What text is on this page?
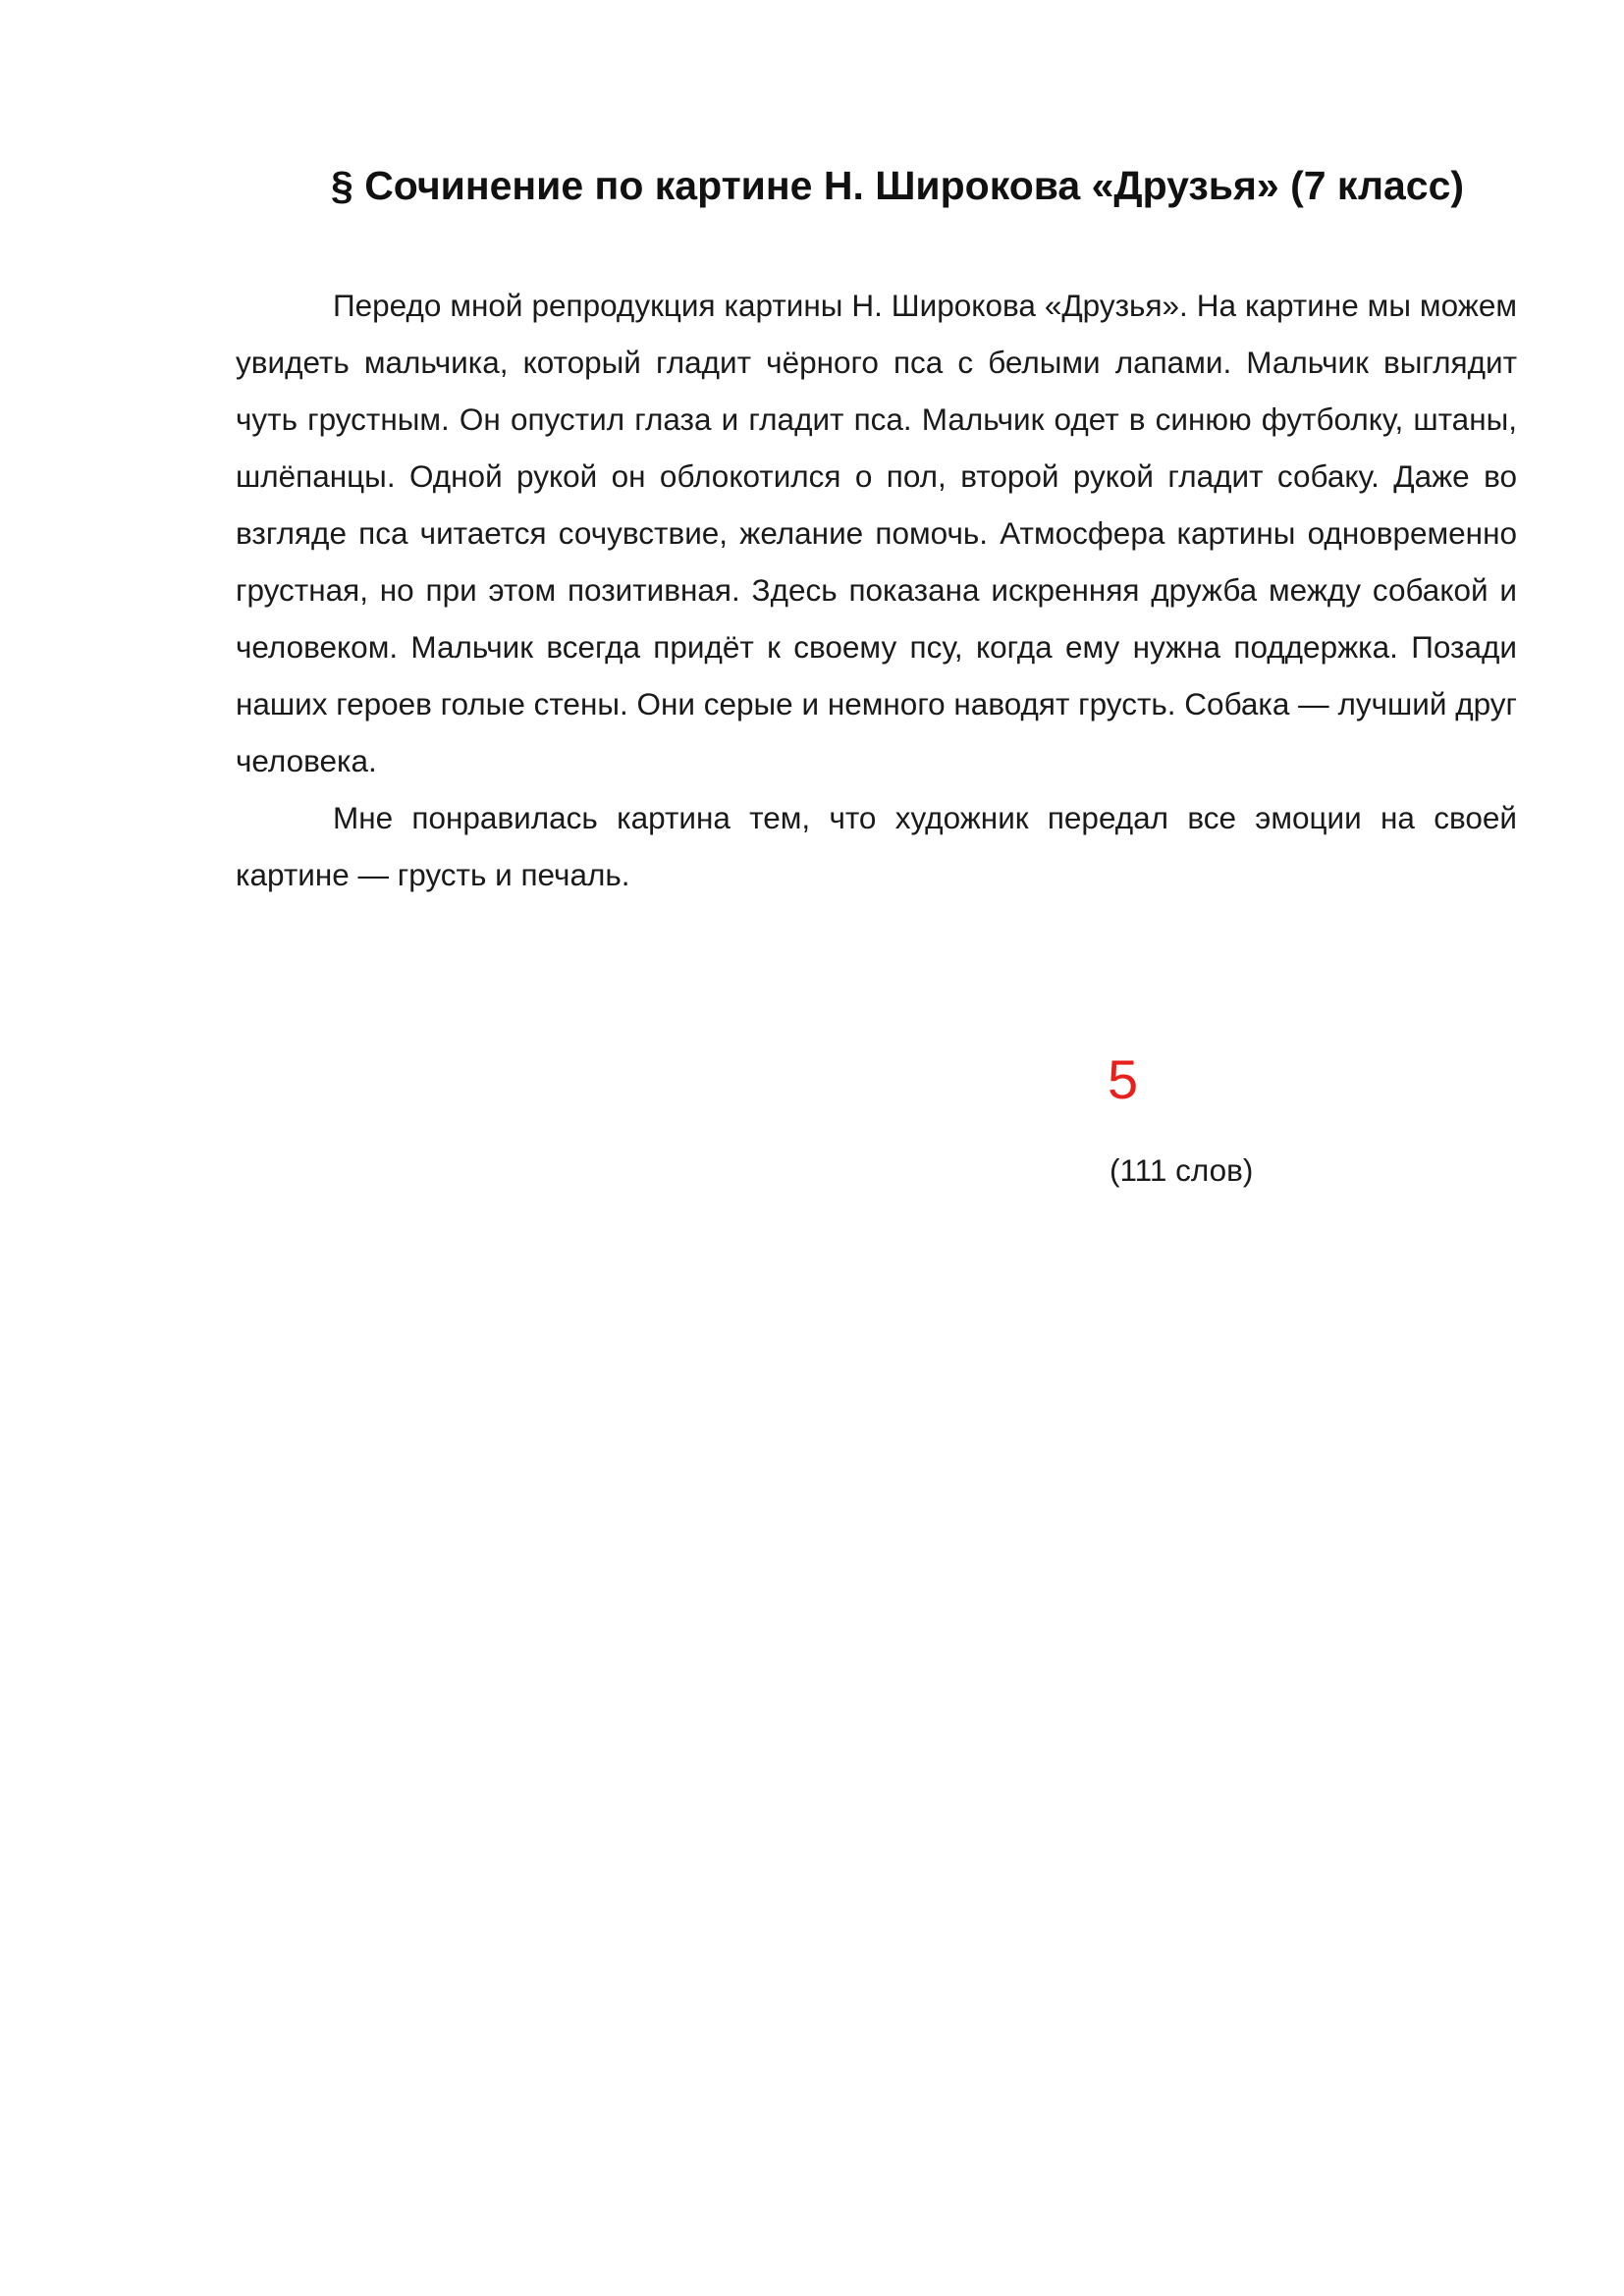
§ Сочинение по картине Н. Широкова «Друзья» (7 класс)

Передо мной репродукция картины Н. Широкова «Друзья». На картине мы можем увидеть мальчика, который гладит чёрного пса с белыми лапами. Мальчик выглядит чуть грустным. Он опустил глаза и гладит пса. Мальчик одет в синюю футболку, штаны, шлёпанцы. Одной рукой он облокотился о пол, второй рукой гладит собаку. Даже во взгляде пса читается сочувствие, желание помочь. Атмосфера картины одновременно грустная, но при этом позитивная. Здесь показана искренняя дружба между собакой и человеком. Мальчик всегда придёт к своему псу, когда ему нужна поддержка. Позади наших героев голые стены. Они серые и немного наводят грусть. Собака — лучший друг человека.

Мне понравилась картина тем, что художник передал все эмоции на своей картине — грусть и печаль.

5

(111 слов)
